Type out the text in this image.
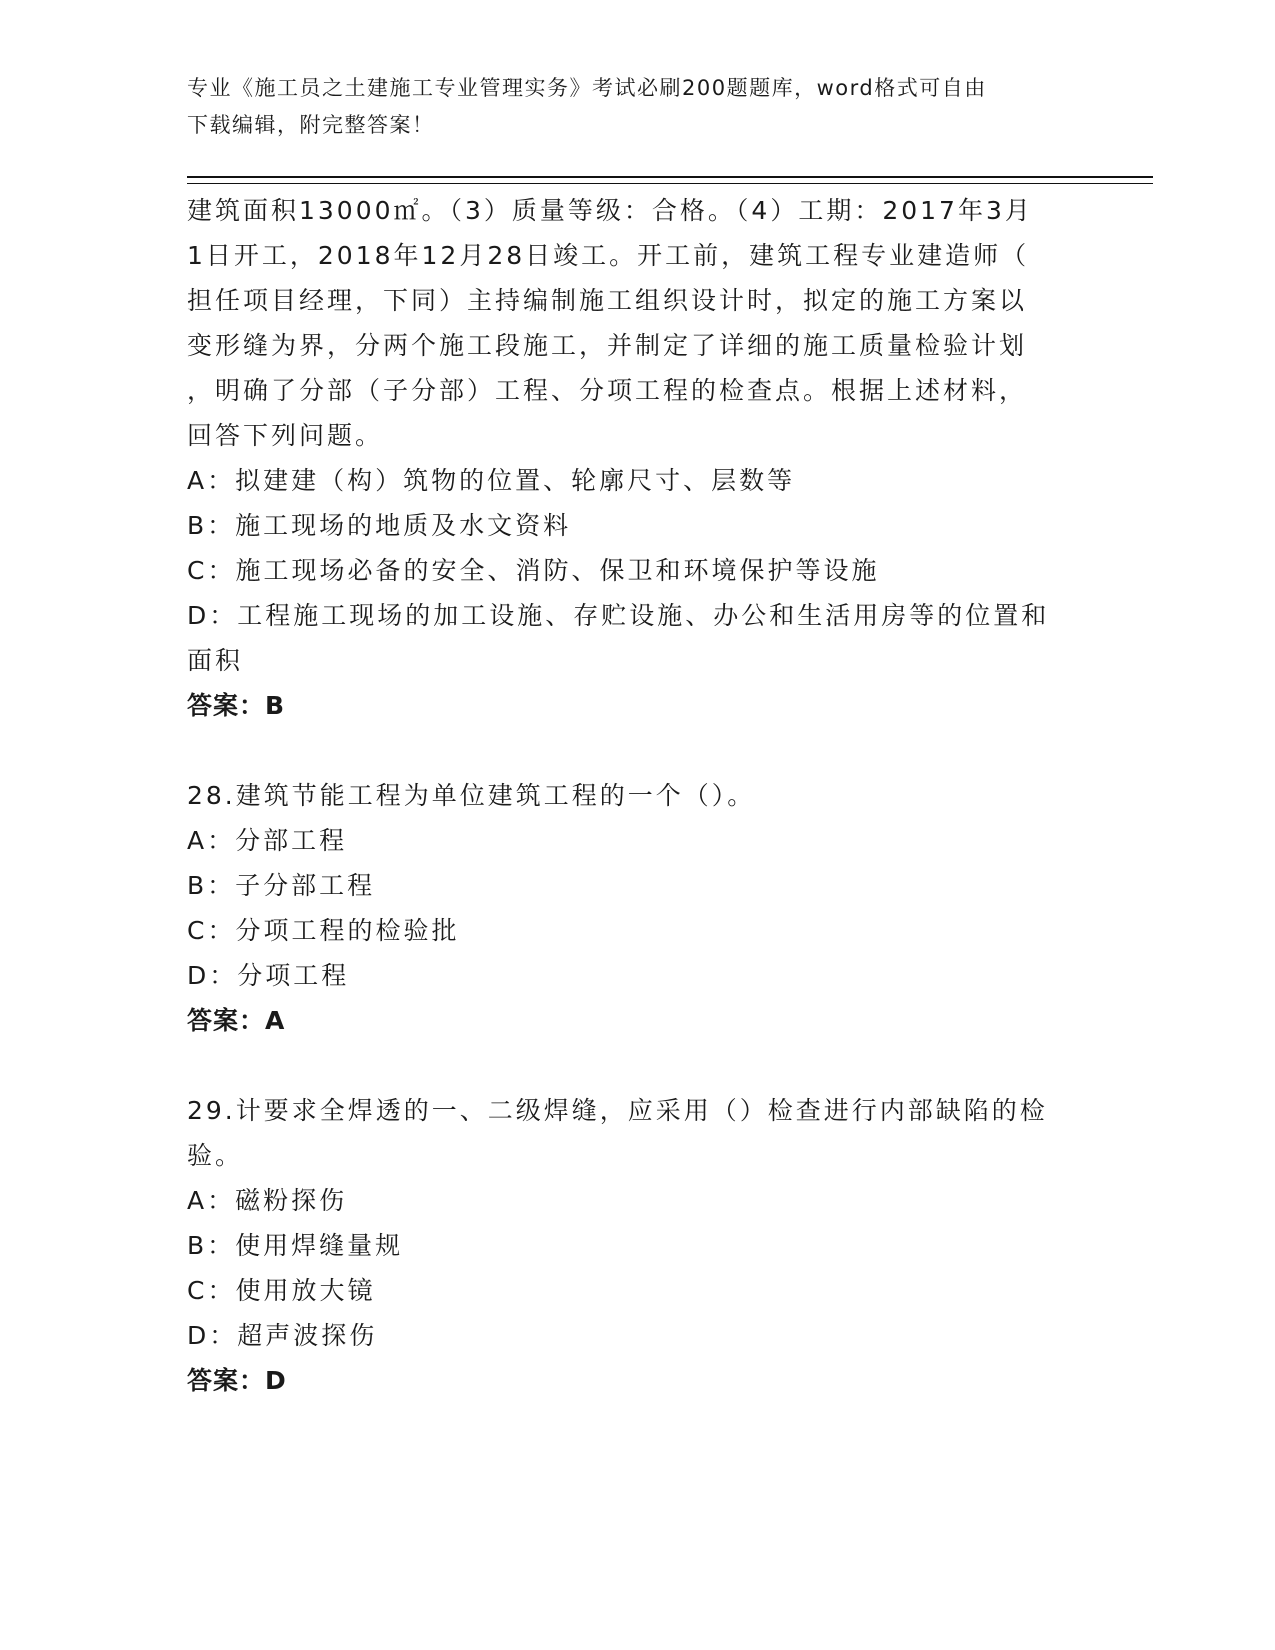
专业《施工员之土建施工专业管理实务》考试必刷200题题库，word格式可自由
下载编辑，附完整答案！
建筑面积13000㎡。（3）质量等级：合格。（4）工期：2017年3月
1日开工，2018年12月28日竣工。开工前，建筑工程专业建造师（
担任项目经理，下同）主持编制施工组织设计时，拟定的施工方案以
变形缝为界，分两个施工段施工，并制定了详细的施工质量检验计划
，明确了分部（子分部）工程、分项工程的检查点。根据上述材料，
回答下列问题。
A：拟建建（构）筑物的位置、轮廓尺寸、层数等
B：施工现场的地质及水文资料
C：施工现场必备的安全、消防、保卫和环境保护等设施
D：工程施工现场的加工设施、存贮设施、办公和生活用房等的位置和
面积
答案：B
28.建筑节能工程为单位建筑工程的一个（）。
A：分部工程
B：子分部工程
C：分项工程的检验批
D：分项工程
答案：A
29.计要求全焊透的一、二级焊缝，应采用（）检查进行内部缺陷的检
验。
A：磁粉探伤
B：使用焊缝量规
C：使用放大镜
D：超声波探伤
答案：D
